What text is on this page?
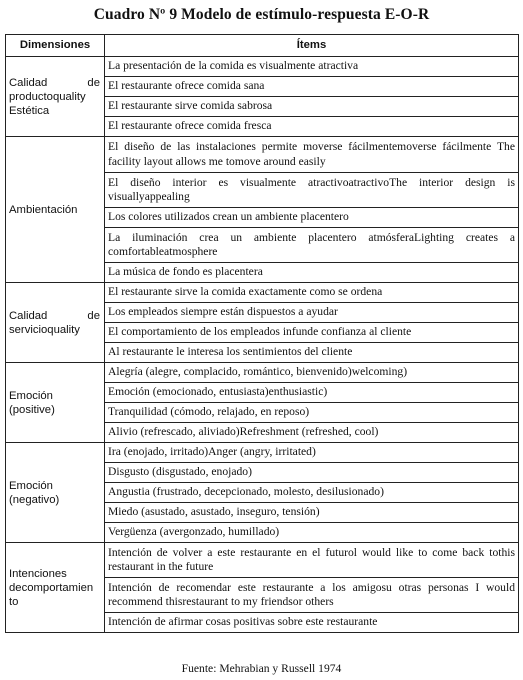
Cuadro Nº 9 Modelo de estímulo-respuesta E-O-R
Dimensiones	Ítems

Calidad de
productoquality
Estética	La presentación de la comida es visualmente atractiva
	El restaurante ofrece comida sana
	El restaurante sirve comida sabrosa
	El restaurante ofrece comida fresca

Ambientación	El diseño de las instalaciones permite moverse fácilmentemoverse fácilmente The facility layout allows me tomove around easily
	El diseño interior es visualmente atractivoatractivoThe interior design is visuallyappealing
	Los colores utilizados crean un ambiente placentero
	La iluminación crea un ambiente placentero atmósferaLighting creates a comfortableatmosphere
	La música de fondo es placentera

Calidad de
servicioquality	El restaurante sirve la comida exactamente como se ordena
	Los empleados siempre están dispuestos a ayudar
	El comportamiento de los empleados infunde confianza al cliente
	Al restaurante le interesa los sentimientos del cliente

Emoción
(positive)	Alegría (alegre, complacido, romántico, bienvenido)welcoming)
	Emoción (emocionado, entusiasta)enthusiastic)
	Tranquilidad (cómodo, relajado, en reposo)
	Alivio (refrescado, aliviado)Refreshment (refreshed, cool)

Emoción
(negativo)	Ira (enojado, irritado)Anger (angry, irritated)
	Disgusto (disgustado, enojado)
	Angustia (frustrado, decepcionado, molesto, desilusionado)
	Miedo (asustado, asustado, inseguro, tensión)
	Vergüenza (avergonzado, humillado)

Intenciones
decomportamien
to	Intención de volver a este restaurante en el futurol would like to come back tothis restaurant in the future
	Intención de recomendar este restaurante a los amigosu otras personas I would recommend thisrestaurant to my friendsor others
	Intención de afirmar cosas positivas sobre este restaurante
Fuente: Mehrabian y Russell 1974
